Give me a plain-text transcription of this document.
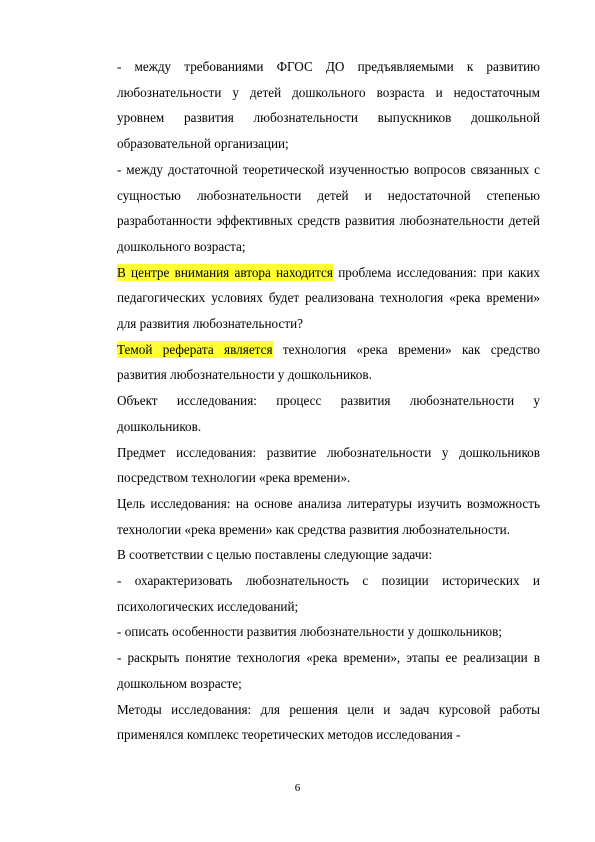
- между требованиями ФГОС ДО предъявляемыми к развитию любознательности у детей дошкольного возраста и недостаточным уровнем развития любознательности выпускников дошкольной образовательной организации;

- между достаточной теоретической изученностью вопросов связанных с сущностью любознательности детей и недостаточной степенью разработанности эффективных средств развития любознательности детей дошкольного возраста;

В центре внимания автора находится проблема исследования: при каких педагогических условиях будет реализована технология «река времени» для развития любознательности?

Темой реферата является технология «река времени» как средство развития любознательности у дошкольников.

Объект исследования: процесс развития любознательности у дошкольников.

Предмет исследования: развитие любознательности у дошкольников посредством технологии «река времени».

Цель исследования: на основе анализа литературы изучить возможность технологии «река времени» как средства развития любознательности.

В соответствии с целью поставлены следующие задачи:

- охарактеризовать любознательность с позиции исторических и психологических исследований;

- описать особенности развития любознательности у дошкольников;

- раскрыть понятие технология «река времени», этапы ее реализации в дошкольном возрасте;

Методы исследования: для решения цели и задач курсовой работы применялся комплекс теоретических методов исследования -

6
